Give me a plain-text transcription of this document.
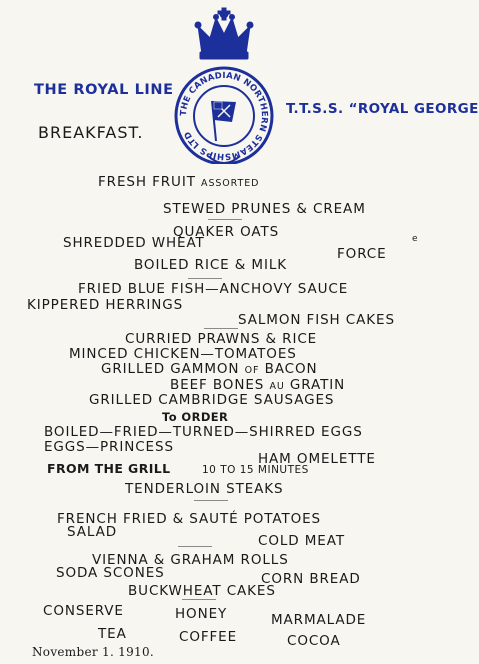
THE ROYAL LINE
T.T.S.S. “ROYAL GEORGE
THE CANADIAN NORTHERN STEAMSHIPS LTD
BREAKFAST.
FRESH FRUIT ASSORTED
STEWED PRUNES & CREAM
QUAKER OATS
SHREDDED WHEAT
FORCE
e
BOILED RICE & MILK
FRIED BLUE FISH—ANCHOVY SAUCE
KIPPERED HERRINGS
SALMON FISH CAKES
CURRIED PRAWNS & RICE
MINCED CHICKEN—TOMATOES
GRILLED GAMMON OF BACON
BEEF BONES AU GRATIN
GRILLED CAMBRIDGE SAUSAGES
To ORDER
BOILED—FRIED—TURNED—SHIRRED EGGS
EGGS—PRINCESS
HAM OMELETTE
FROM THE GRILL	10 TO 15 MINUTES
TENDERLOIN STEAKS
FRENCH FRIED & SAUTÉ POTATOES
SALAD
COLD MEAT
VIENNA & GRAHAM ROLLS
SODA SCONES	CORN BREAD
BUCKWHEAT CAKES
CONSERVE	HONEY	MARMALADE
TEA	COFFEE	COCOA
November 1. 1910.
